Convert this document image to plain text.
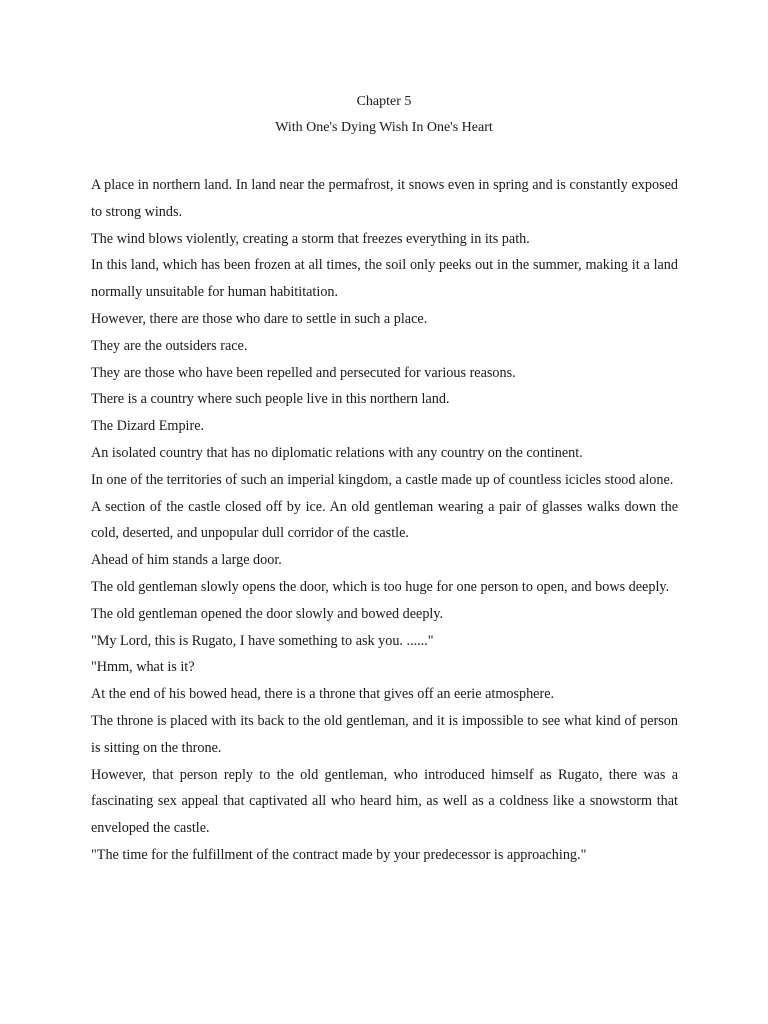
Chapter 5
With One's Dying Wish In One's Heart

A place in northern land. In land near the permafrost, it snows even in spring and is constantly exposed to strong winds.

The wind blows violently, creating a storm that freezes everything in its path.

In this land, which has been frozen at all times, the soil only peeks out in the summer, making it a land normally unsuitable for human habititation.

However, there are those who dare to settle in such a place.

They are the outsiders race.

They are those who have been repelled and persecuted for various reasons.

There is a country where such people live in this northern land.

The Dizard Empire.

An isolated country that has no diplomatic relations with any country on the continent.

In one of the territories of such an imperial kingdom, a castle made up of countless icicles stood alone.

A section of the castle closed off by ice. An old gentleman wearing a pair of glasses walks down the cold, deserted, and unpopular dull corridor of the castle.

Ahead of him stands a large door.

The old gentleman slowly opens the door, which is too huge for one person to open, and bows deeply.

The old gentleman opened the door slowly and bowed deeply.

"My Lord, this is Rugato, I have something to ask you. ......"

"Hmm, what is it?

At the end of his bowed head, there is a throne that gives off an eerie atmosphere.

The throne is placed with its back to the old gentleman, and it is impossible to see what kind of person is sitting on the throne.

However, that person reply to the old gentleman, who introduced himself as Rugato, there was a fascinating sex appeal that captivated all who heard him, as well as a coldness like a snowstorm that enveloped the castle.

"The time for the fulfillment of the contract made by your predecessor is approaching."
